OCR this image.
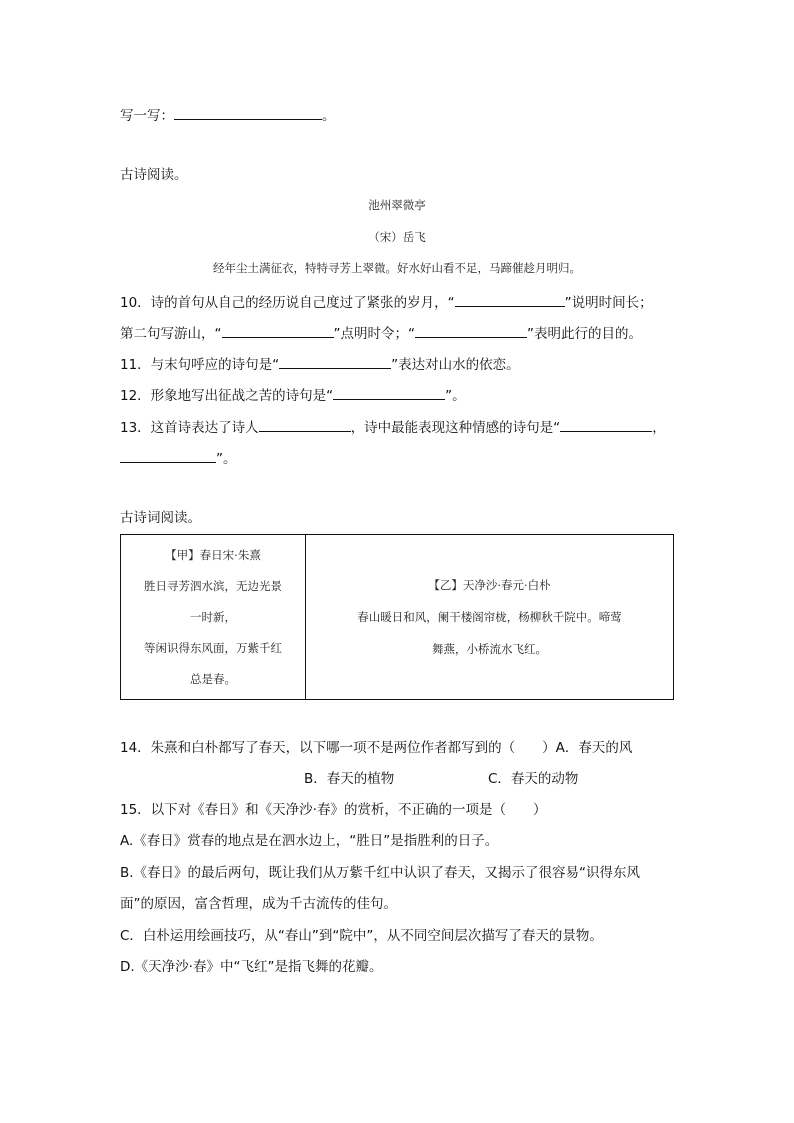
写一写：	。
古诗阅读。
池州翠微亭
（宋）岳飞
经年尘土满征衣，特特寻芳上翠微。好水好山看不足，马蹄催趁月明归。
10．诗的首句从自己的经历说自己度过了紧张的岁月，“	”说明时间长；
第二句写游山，“	”点明时令；“	”表明此行的目的。
11．与末句呼应的诗句是“	”表达对山水的依恋。
12．形象地写出征战之苦的诗句是“	”。
13．这首诗表达了诗人	，诗中最能表现这种情感的诗句是“	，
”。
古诗词阅读。
【甲】春日宋·朱熹
胜日寻芳泗水滨，无边光景
一时新，
等闲识得东风面，万紫千红
总是春。

【乙】天净沙·春元·白朴
春山暖日和风，阑干楼阁帘栊，杨柳秋千院中。啼莺
舞燕，小桥流水飞红。
14．朱熹和白朴都写了春天，以下哪一项不是两位作者都写到的（　　）A．春天的风
B．春天的植物	C．春天的动物
15．以下对《春日》和《天净沙·春》的赏析，不正确的一项是（　　）
A.《春日》赏春的地点是在泗水边上，“胜日”是指胜利的日子。
B.《春日》的最后两句，既让我们从万紫千红中认识了春天，又揭示了很容易“识得东风
面”的原因，富含哲理，成为千古流传的佳句。
C．白朴运用绘画技巧，从“春山”到“院中”，从不同空间层次描写了春天的景物。
D.《天净沙·春》中“飞红”是指飞舞的花瓣。
